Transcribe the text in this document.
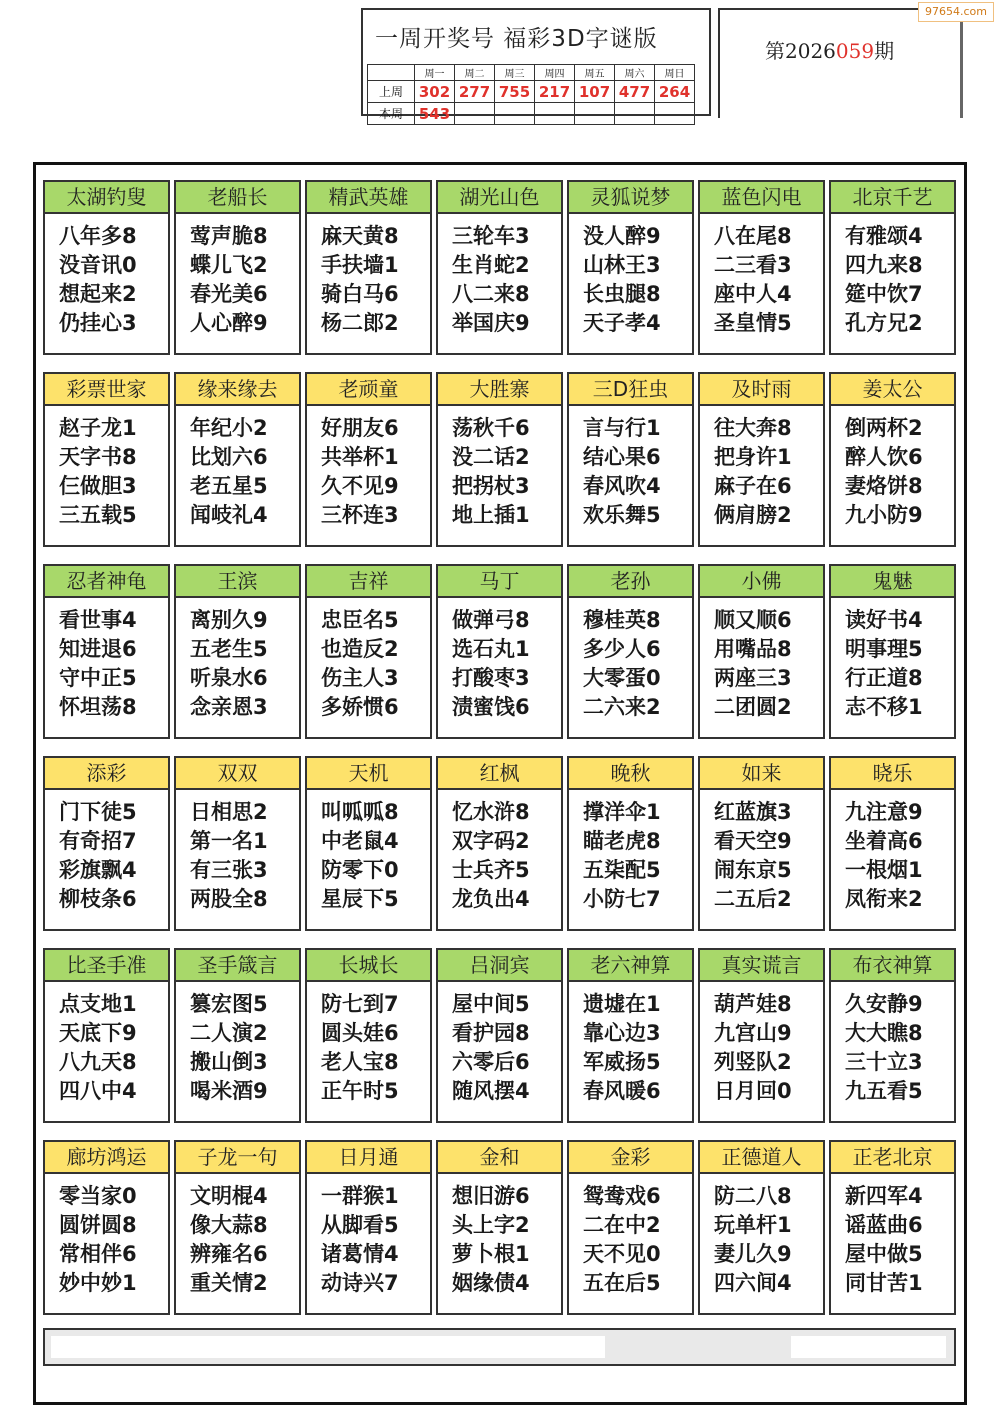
一周开奖号 福彩3D字谜版
	周一	周二	周三	周四	周五	周六	周日
上周	302	277	755	217	107	477	264
本周	543						
第2026059期
97654.com
太湖钓叟
八年多8
没音讯0
想起来2
仍挂心3
老船长
莺声脆8
蝶儿飞2
春光美6
人心醉9
精武英雄
麻天黄8
手扶墙1
骑白马6
杨二郎2
湖光山色
三轮车3
生肖蛇2
八二来8
举国庆9
灵狐说梦
没人醉9
山林王3
长虫腿8
天子孝4
蓝色闪电
八在尾8
二三看3
座中人4
圣皇情5
北京千艺
有雅颂4
四九来8
筵中饮7
孔方兄2
彩票世家
赵子龙1
天字书8
仨做胆3
三五载5
缘来缘去
年纪小2
比划六6
老五星5
闻岐礼4
老顽童
好朋友6
共举杯1
久不见9
三杯连3
大胜寨
荡秋千6
没二话2
把拐杖3
地上插1
三D狂虫
言与行1
结心果6
春风吹4
欢乐舞5
及时雨
往大奔8
把身许1
麻子在6
俩肩膀2
姜太公
倒两杯2
醉人饮6
妻烙饼8
九小防9
忍者神龟
看世事4
知进退6
守中正5
怀坦荡8
王滨
离别久9
五老生5
听泉水6
念亲恩3
吉祥
忠臣名5
也造反2
伤主人3
多娇惯6
马丁
做弹弓8
选石丸1
打酸枣3
渍蜜饯6
老孙
穆桂英8
多少人6
大零蛋0
二六来2
小佛
顺又顺6
用嘴品8
两座三3
二团圆2
鬼魅
读好书4
明事理5
行正道8
志不移1
添彩
门下徒5
有奇招7
彩旗飘4
柳枝条6
双双
日相思2
第一名1
有三张3
两股全8
天机
叫呱呱8
中老鼠4
防零下0
星辰下5
红枫
忆水浒8
双字码2
士兵齐5
龙负出4
晚秋
撑洋伞1
瞄老虎8
五柒配5
小防七7
如来
红蓝旗3
看天空9
闹东京5
二五后2
晓乐
九注意9
坐着高6
一根烟1
凤衔来2
比圣手准
点支地1
天底下9
八九天8
四八中4
圣手箴言
篡宏图5
二人演2
搬山倒3
喝米酒9
长城长
防七到7
圆头娃6
老人宝8
正午时5
吕洞宾
屋中间5
看护园8
六零后6
随风摆4
老六神算
遗墟在1
靠心边3
军威扬5
春风暖6
真实谎言
葫芦娃8
九宫山9
列竖队2
日月回0
布衣神算
久安静9
大大瞧8
三十立3
九五看5
廊坊鸿运
零当家0
圆饼圆8
常相伴6
妙中妙1
子龙一句
文明棍4
像大蒜8
辨雍名6
重关情2
日月通
一群猴1
从脚看5
诸葛情4
动诗兴7
金和
想旧游6
头上字2
萝卜根1
姻缘债4
金彩
鸳鸯戏6
二在中2
天不见0
五在后5
正德道人
防二八8
玩单杆1
妻儿久9
四六间4
正老北京
新四军4
谣蓝曲6
屋中做5
同甘苦1
